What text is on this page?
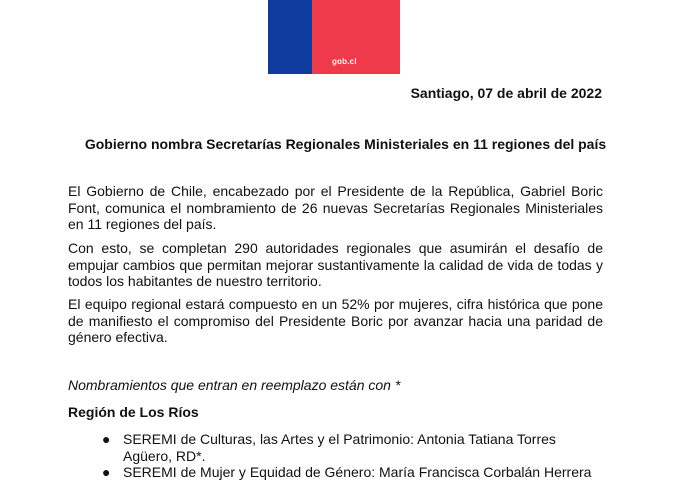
gob.cl
Santiago, 07 de abril de 2022
Gobierno nombra Secretarías Regionales Ministeriales en 11 regiones del país

El Gobierno de Chile, encabezado por el Presidente de la República, Gabriel Boric Font, comunica el nombramiento de 26 nuevas Secretarías Regionales Ministeriales en 11 regiones del país.

Con esto, se completan 290 autoridades regionales que asumirán el desafío de empujar cambios que permitan mejorar sustantivamente la calidad de vida de todas y todos los habitantes de nuestro territorio.

El equipo regional estará compuesto en un 52% por mujeres, cifra histórica que pone de manifiesto el compromiso del Presidente Boric por avanzar hacia una paridad de género efectiva.

Nombramientos que entran en reemplazo están con *
Región de Los Ríos
● SEREMI de Culturas, las Artes y el Patrimonio: Antonia Tatiana Torres Agüero, RD*.
● SEREMI de Mujer y Equidad de Género: María Francisca Corbalán Herrera
